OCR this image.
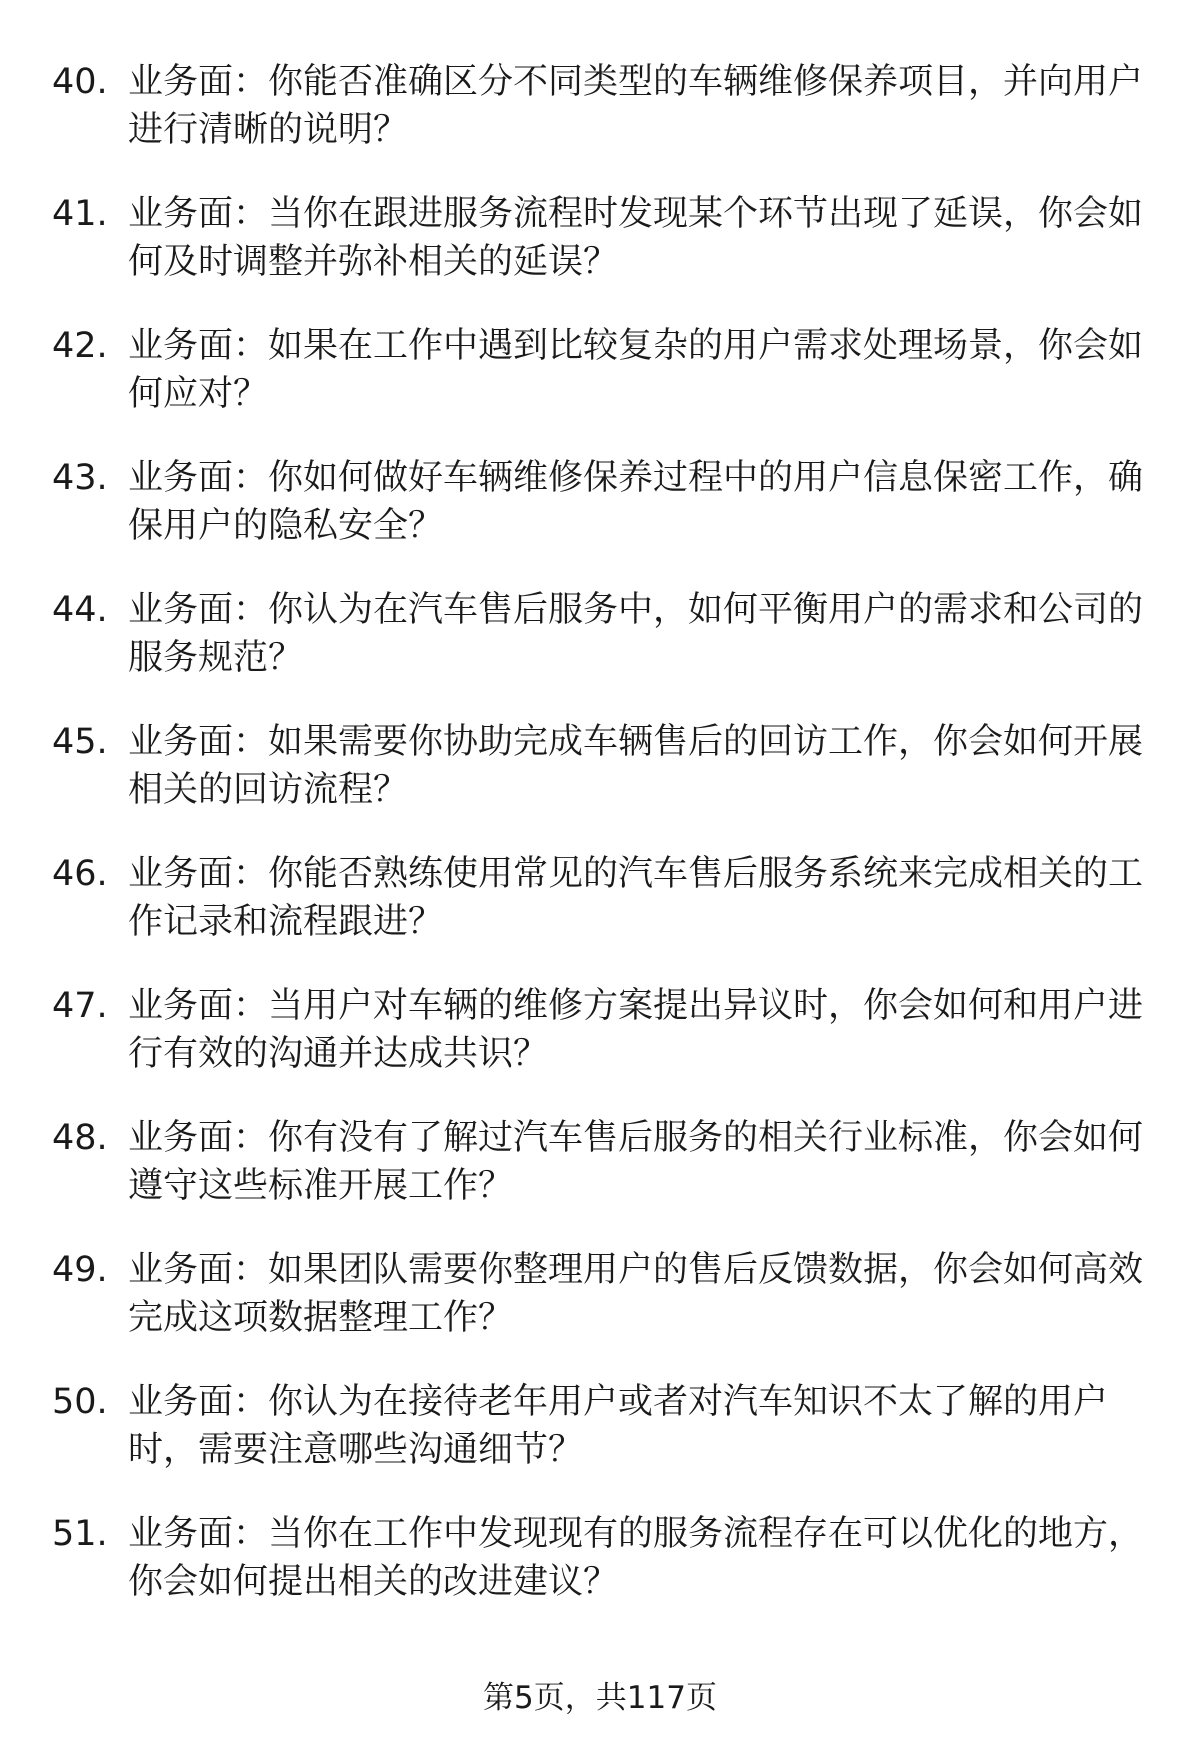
40. 业务面：你能否准确区分不同类型的车辆维修保养项目，并向用户进行清晰的说明？
41. 业务面：当你在跟进服务流程时发现某个环节出现了延误，你会如何及时调整并弥补相关的延误？
42. 业务面：如果在工作中遇到比较复杂的用户需求处理场景，你会如何应对？
43. 业务面：你如何做好车辆维修保养过程中的用户信息保密工作，确保用户的隐私安全？
44. 业务面：你认为在汽车售后服务中，如何平衡用户的需求和公司的服务规范？
45. 业务面：如果需要你协助完成车辆售后的回访工作，你会如何开展相关的回访流程？
46. 业务面：你能否熟练使用常见的汽车售后服务系统来完成相关的工作记录和流程跟进？
47. 业务面：当用户对车辆的维修方案提出异议时，你会如何和用户进行有效的沟通并达成共识？
48. 业务面：你有没有了解过汽车售后服务的相关行业标准，你会如何遵守这些标准开展工作？
49. 业务面：如果团队需要你整理用户的售后反馈数据，你会如何高效完成这项数据整理工作？
50. 业务面：你认为在接待老年用户或者对汽车知识不太了解的用户时，需要注意哪些沟通细节？
51. 业务面：当你在工作中发现现有的服务流程存在可以优化的地方，你会如何提出相关的改进建议？
第5页，共117页
